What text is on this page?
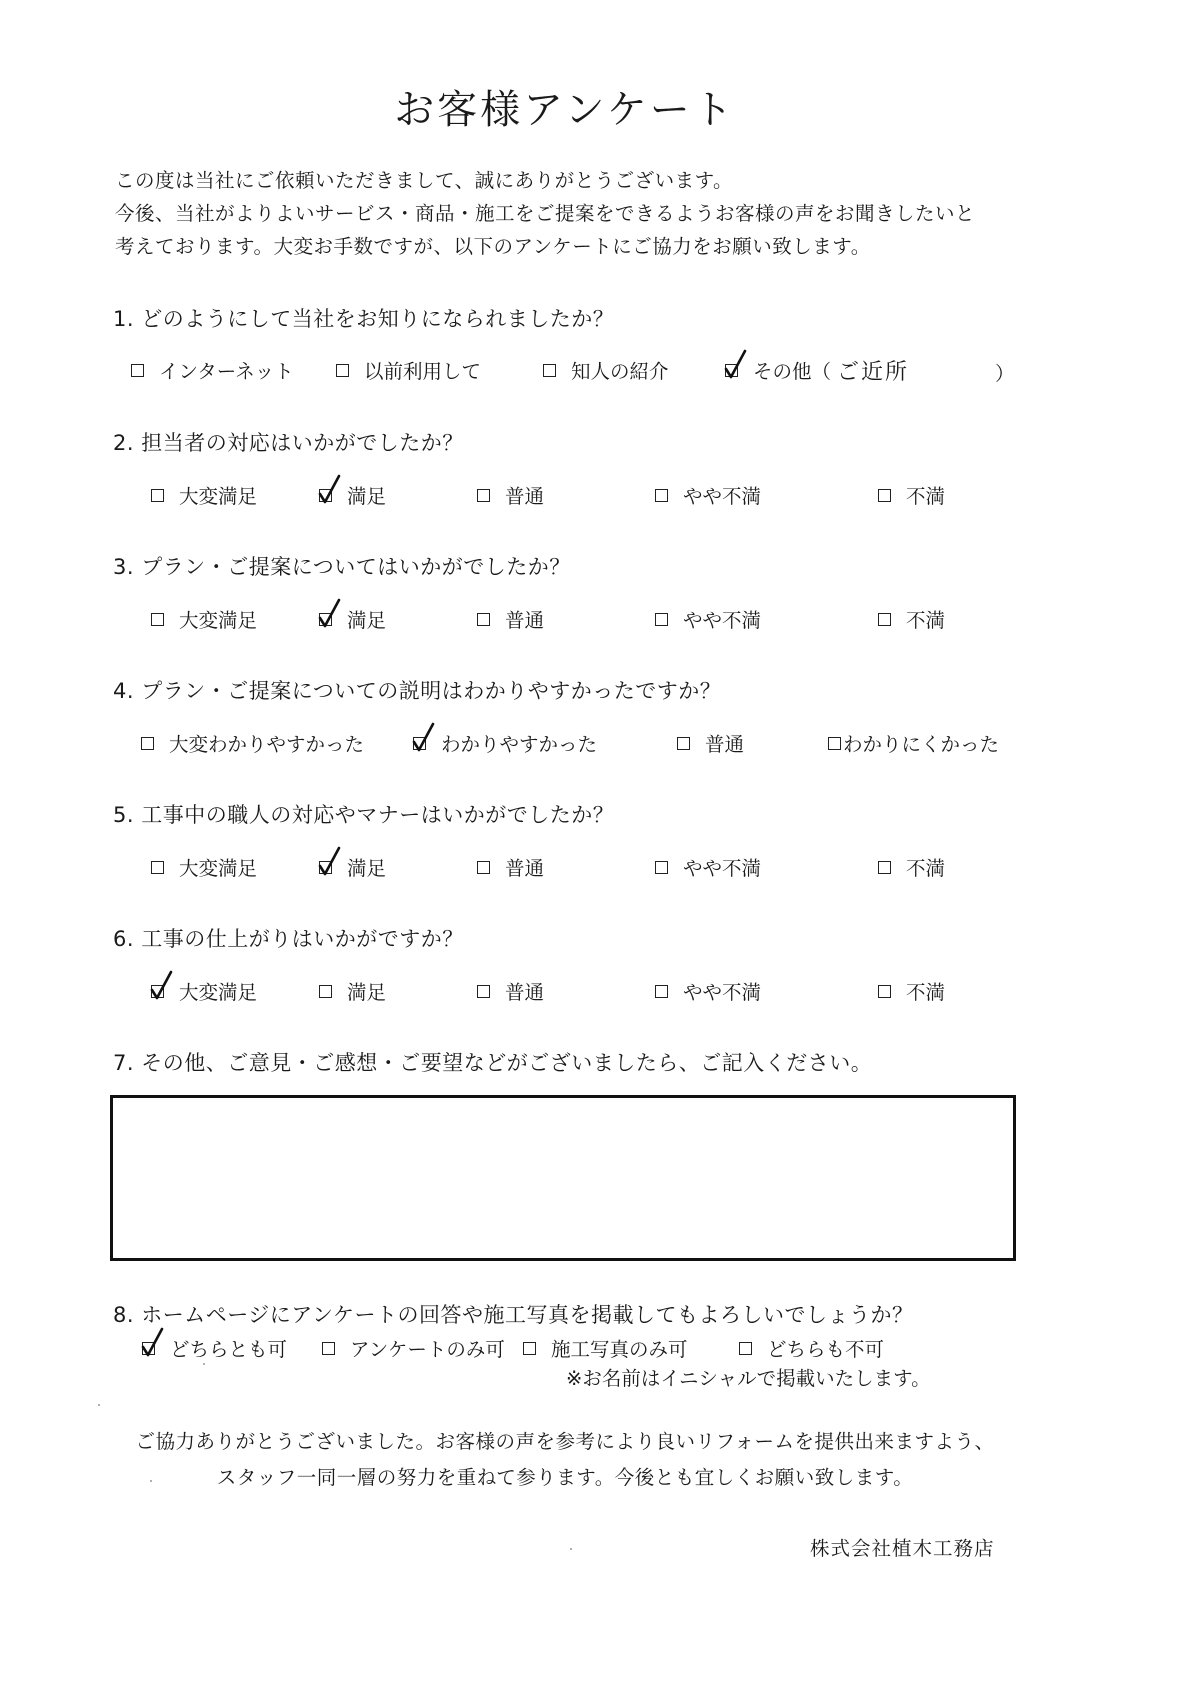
お客様アンケート
この度は当社にご依頼いただきまして、誠にありがとうございます。
今後、当社がよりよいサービス・商品・施工をご提案をできるようお客様の声をお聞きしたいと
考えております。大変お手数ですが、以下のアンケートにご協力をお願い致します。
1. どのようにして当社をお知りになられましたか？
インターネット	以前利用して	知人の紹介	その他（ ご近所	）
2. 担当者の対応はいかがでしたか？
大変満足	満足	普通	やや不満	不満
3. プラン・ご提案についてはいかがでしたか？
大変満足	満足	普通	やや不満	不満
4. プラン・ご提案についての説明はわかりやすかったですか？
大変わかりやすかった	わかりやすかった	普通	わかりにくかった
5. 工事中の職人の対応やマナーはいかがでしたか？
大変満足	満足	普通	やや不満	不満
6. 工事の仕上がりはいかがですか？
大変満足	満足	普通	やや不満	不満
7. その他、ご意見・ご感想・ご要望などがございましたら、ご記入ください。
8. ホームページにアンケートの回答や施工写真を掲載してもよろしいでしょうか？
どちらとも可	アンケートのみ可 施工写真のみ可	どちらも不可
※お名前はイニシャルで掲載いたします。
ご協力ありがとうございました。お客様の声を参考により良いリフォームを提供出来ますよう、
スタッフ一同一層の努力を重ねて参ります。今後とも宜しくお願い致します。
株式会社植木工務店
